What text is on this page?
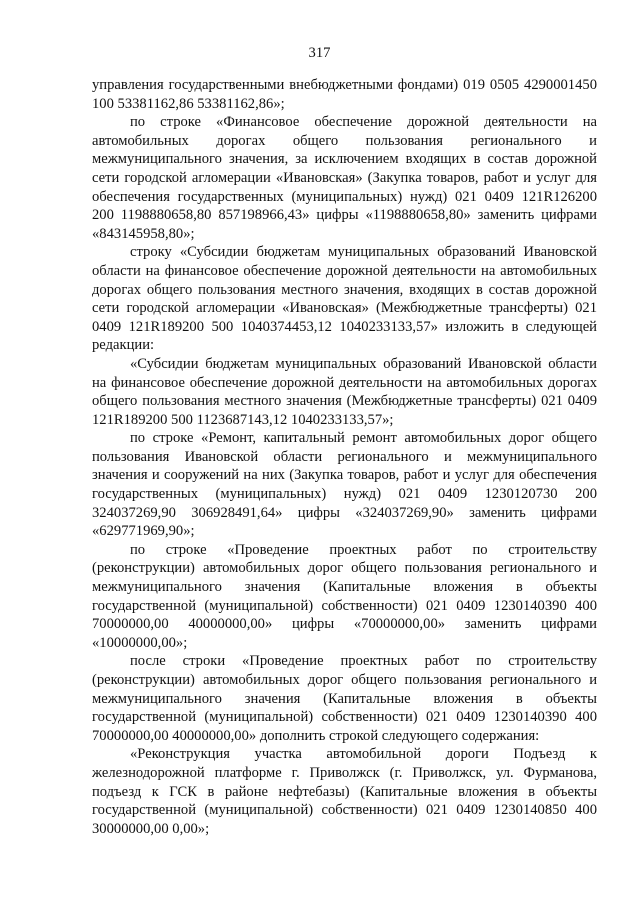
317

управления государственными внебюджетными фондами) 019 0505 4290001450 100 53381162,86 53381162,86»;

по строке «Финансовое обеспечение дорожной деятельности на автомобильных дорогах общего пользования регионального и межмуниципального значения, за исключением входящих в состав дорожной сети городской агломерации «Ивановская» (Закупка товаров, работ и услуг для обеспечения государственных (муниципальных) нужд) 021 0409 121R126200 200 1198880658,80 857198966,43» цифры «1198880658,80» заменить цифрами «843145958,80»;

строку «Субсидии бюджетам муниципальных образований Ивановской области на финансовое обеспечение дорожной деятельности на автомобильных дорогах общего пользования местного значения, входящих в состав дорожной сети городской агломерации «Ивановская» (Межбюджетные трансферты) 021 0409 121R189200 500 1040374453,12 1040233133,57» изложить в следующей редакции:

«Субсидии бюджетам муниципальных образований Ивановской области на финансовое обеспечение дорожной деятельности на автомобильных дорогах общего пользования местного значения (Межбюджетные трансферты) 021 0409 121R189200 500 1123687143,12 1040233133,57»;

по строке «Ремонт, капитальный ремонт автомобильных дорог общего пользования Ивановской области регионального и межмуниципального значения и сооружений на них (Закупка товаров, работ и услуг для обеспечения государственных (муниципальных) нужд) 021 0409 1230120730 200 324037269,90 306928491,64» цифры «324037269,90» заменить цифрами «629771969,90»;

по строке «Проведение проектных работ по строительству (реконструкции) автомобильных дорог общего пользования регионального и межмуниципального значения (Капитальные вложения в объекты государственной (муниципальной) собственности) 021 0409 1230140390 400 70000000,00 40000000,00» цифры «70000000,00» заменить цифрами «10000000,00»;

после строки «Проведение проектных работ по строительству (реконструкции) автомобильных дорог общего пользования регионального и межмуниципального значения (Капитальные вложения в объекты государственной (муниципальной) собственности) 021 0409 1230140390 400 70000000,00 40000000,00» дополнить строкой следующего содержания:

«Реконструкция участка автомобильной дороги Подъезд к железнодорожной платформе г. Приволжск (г. Приволжск, ул. Фурманова, подъезд к ГСК в районе нефтебазы) (Капитальные вложения в объекты государственной (муниципальной) собственности) 021 0409 1230140850 400 30000000,00 0,00»;
